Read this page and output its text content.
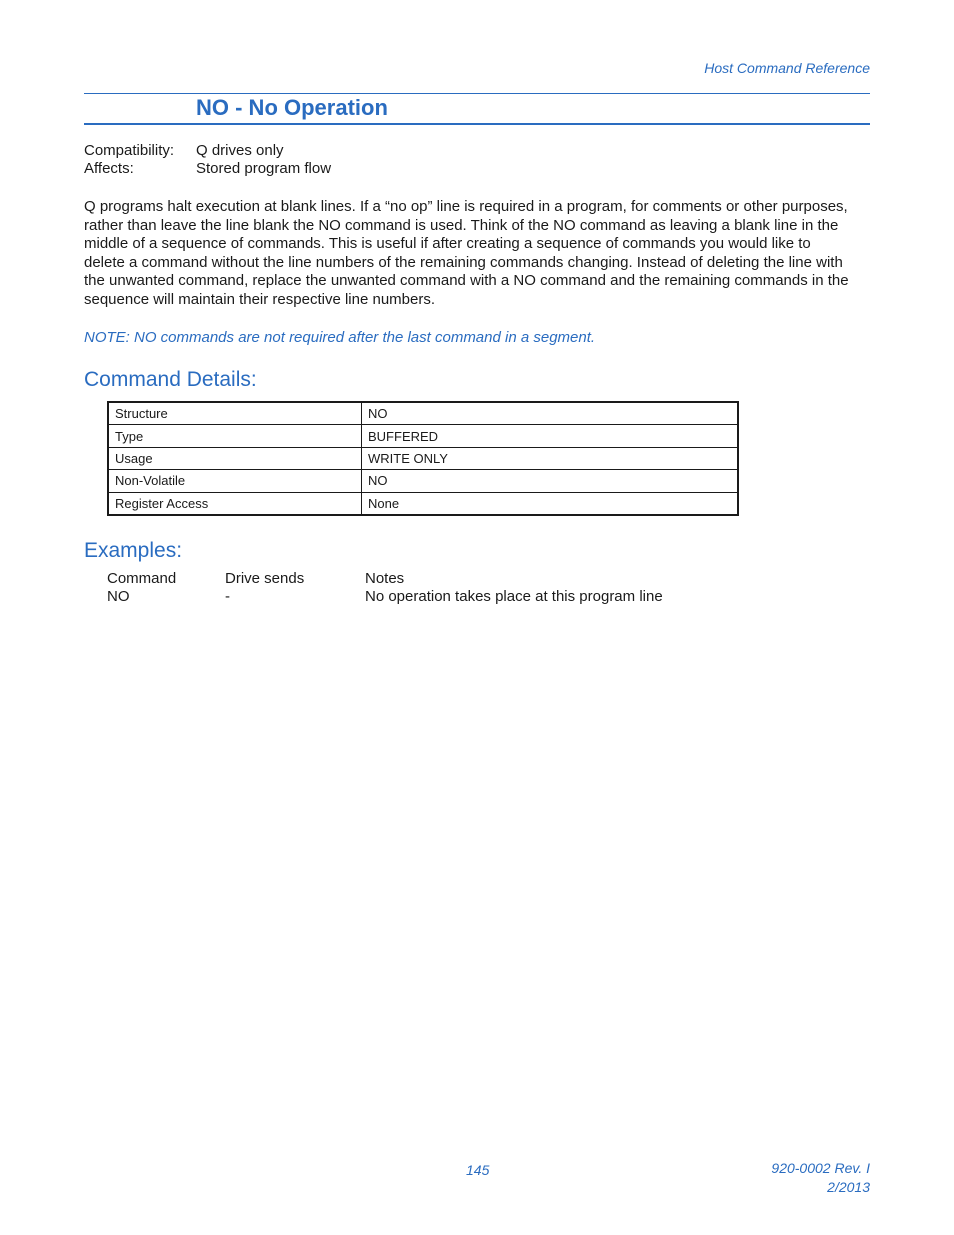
Host Command Reference
NO - No Operation
Compatibility:	Q drives only
Affects:	Stored program flow
Q programs halt execution at blank lines. If a “no op” line is required in a program, for comments or other purposes, rather than leave the line blank the NO command is used. Think of the NO command as leaving a blank line in the middle of a sequence of commands. This is useful if after creating a sequence of commands you would like to delete a command without the line numbers of the remaining commands changing. Instead of deleting the line with the unwanted command, replace the unwanted command with a NO command and the remaining commands in the sequence will maintain their respective line numbers.
NOTE: NO commands are not required after the last command in a segment.
Command Details:
Structure	NO
Type	BUFFERED
Usage	WRITE ONLY
Non-Volatile	NO
Register Access	None
Examples:
Command	Drive sends	Notes
NO	-	No operation takes place at this program line
145	920-0002 Rev. I
2/2013
